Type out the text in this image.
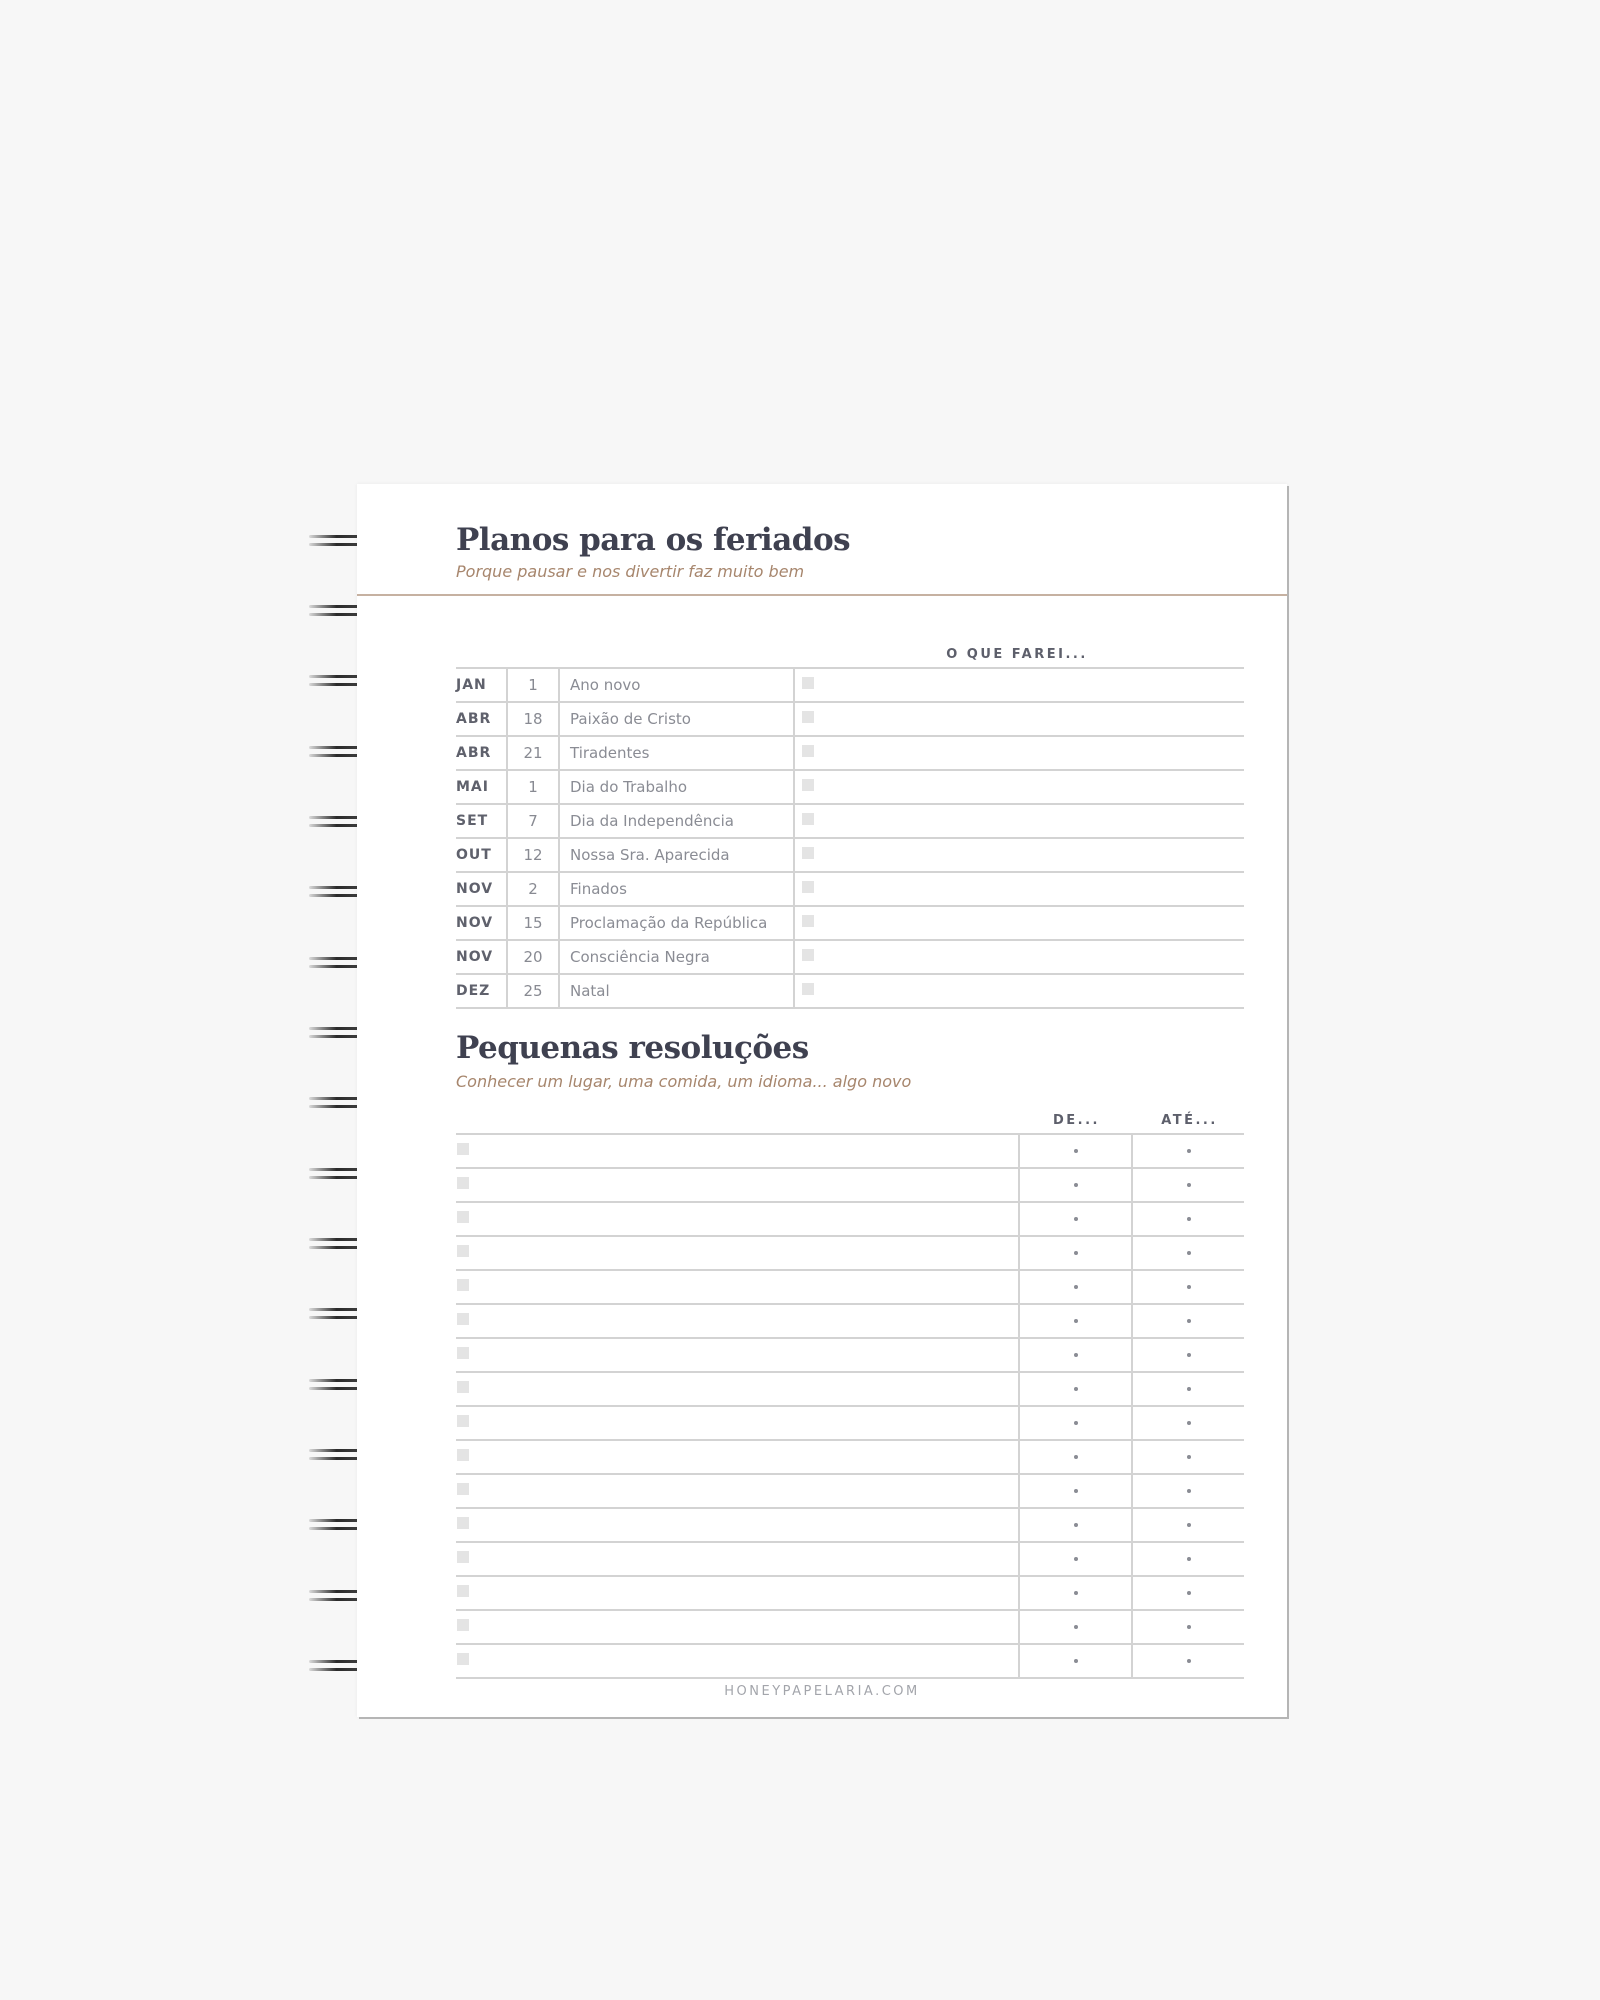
Planos para os feriados

Porque pausar e nos divertir faz muito bem

O QUE FAREI...
JAN	1	Ano novo
ABR	18	Paixão de Cristo
ABR	21	Tiradentes
MAI	1	Dia do Trabalho
SET	7	Dia da Independência
OUT	12	Nossa Sra. Aparecida
NOV	2	Finados
NOV	15	Proclamação da República
NOV	20	Consciência Negra
DEZ	25	Natal
Pequenas resoluções

Conhecer um lugar, uma comida, um idioma... algo novo

DE...	ATÉ...
HONEYPAPELARIA.COM
